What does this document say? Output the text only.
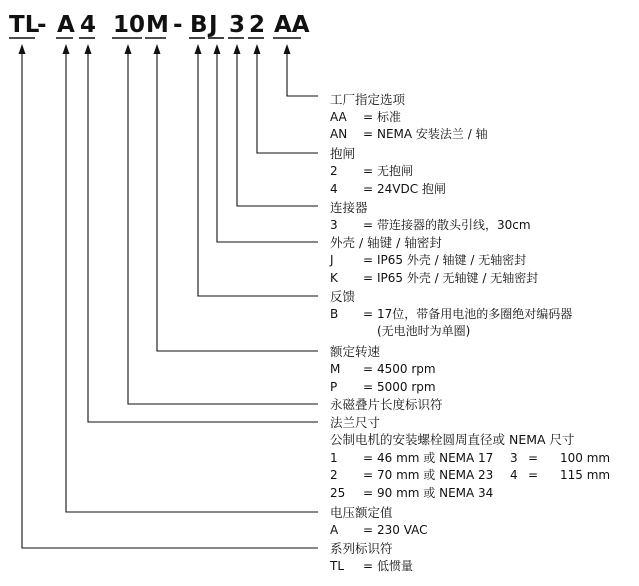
TL
- A 4 10 M - B J 3 2 AA
工厂指定选项
AA = 标准
AN = NEMA 安装法兰 / 轴
抱闸
2 = 无抱闸
4 = 24VDC 抱闸
连接器
3 = 带连接器的散头引线，30cm
外壳 / 轴键 / 轴密封
J = IP65 外壳 / 轴键 / 无轴密封
K = IP65 外壳 / 无轴键 / 无轴密封
反馈
B = 17位，带备用电池的多圈绝对编码器
(无电池时为单圈)
额定转速
M = 4500 rpm
P = 5000 rpm
永磁叠片长度标识符
法兰尺寸
公制电机的安装螺栓圆周直径或 NEMA 尺寸
1 = 46 mm 或 NEMA 17 3 = 100 mm
2 = 70 mm 或 NEMA 23 4 = 115 mm
25 = 90 mm 或 NEMA 34
电压额定值
A = 230 VAC
系列标识符
TL = 低惯量
